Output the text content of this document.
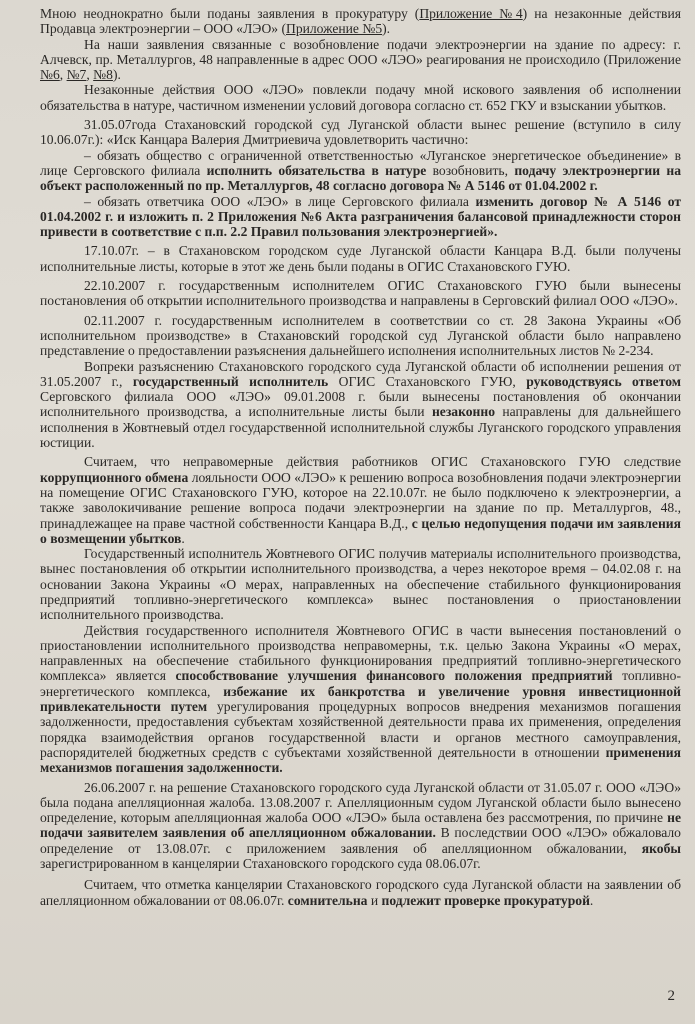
Мною неоднократно были поданы заявления в прокуратуру (Приложение №4) на незаконные действия Продавца электроэнергии – ООО «ЛЭО» (Приложение №5).

На наши заявления связанные с возобновление подачи электроэнергии на здание по адресу: г. Алчевск, пр. Металлургов, 48 направленные в адрес ООО «ЛЭО» реагирования не происходило (Приложение №6, №7, №8).

Незаконные действия ООО «ЛЭО» повлекли подачу мной искового заявления об исполнении обязательства в натуре, частичном изменении условий договора согласно ст. 652 ГКУ и взыскании убытков.

31.05.07года Стахановский городской суд Луганской области вынес решение (вступило в силу 10.06.07г.): «Иск Канцара Валерия Дмитриевича удовлетворить частично:

– обязать общество с ограниченной ответственностью «Луганское энергетическое объединение» в лице Серговского филиала исполнить обязательства в натуре возобновить, подачу электроэнергии на объект расположенный по пр. Металлургов, 48 согласно договора № А 5146 от 01.04.2002 г.

– обязать ответчика ООО «ЛЭО» в лице Серговского филиала изменить договор № А 5146 от 01.04.2002 г. и изложить п. 2 Приложения №6 Акта разграничения балансовой принадлежности сторон привести в соответствие с п.п. 2.2 Правил пользования электроэнергией».

17.10.07г. – в Стахановском городском суде Луганской области Канцара В.Д. были получены исполнительные листы, которые в этот же день были поданы в ОГИС Стахановского ГУЮ.

22.10.2007 г. государственным исполнителем ОГИС Стахановского ГУЮ были вынесены постановления об открытии исполнительного производства и направлены в Серговский филиал ООО «ЛЭО».

02.11.2007 г. государственным исполнителем в соответствии со ст. 28 Закона Украины «Об исполнительном производстве» в Стахановский городской суд Луганской области было направлено представление о предоставлении разъяснения дальнейшего исполнения исполнительных листов № 2-234.

Вопреки разъяснению Стахановского городского суда Луганской области об исполнении решения от 31.05.2007 г., государственный исполнитель ОГИС Стахановского ГУЮ, руководствуясь ответом Серговского филиала ООО «ЛЭО» 09.01.2008 г. были вынесены постановления об окончании исполнительного производства, а исполнительные листы были незаконно направлены для дальнейшего исполнения в Жовтневый отдел государственной исполнительной службы Луганского городского управления юстиции.

Считаем, что неправомерные действия работников ОГИС Стахановского ГУЮ следствие коррупционного обмена лояльности ООО «ЛЭО» к решению вопроса возобновления подачи электроэнергии на помещение ОГИС Стахановского ГУЮ, которое на 22.10.07г. не было подключено к электроэнергии, а также заволокичивание решение вопроса подачи электроэнергии на здание по пр. Металлургов, 48., принадлежащее на праве частной собственности Канцара В.Д., с целью недопущения подачи им заявления о возмещении убытков.

Государственный исполнитель Жовтневого ОГИС получив материалы исполнительного производства, вынес постановления об открытии исполнительного производства, а через некоторое время – 04.02.08 г. на основании Закона Украины «О мерах, направленных на обеспечение стабильного функционирования предприятий топливно-энергетического комплекса» вынес постановления о приостановлении исполнительного производства.

Действия государственного исполнителя Жовтневого ОГИС в части вынесения постановлений о приостановлении исполнительного производства неправомерны, т.к. целью Закона Украины «О мерах, направленных на обеспечение стабильного функционирования предприятий топливно-энергетического комплекса» является способствование улучшения финансового положения предприятий топливно-энергетического комплекса, избежание их банкротства и увеличение уровня инвестиционной привлекательности путем урегулирования процедурных вопросов внедрения механизмов погашения задолженности, предоставления субъектам хозяйственной деятельности права их применения, определения порядка взаимодействия органов государственной власти и органов местного самоуправления, распорядителей бюджетных средств с субъектами хозяйственной деятельности в отношении применения механизмов погашения задолженности.

26.06.2007 г. на решение Стахановского городского суда Луганской области от 31.05.07 г. ООО «ЛЭО» была подана апелляционная жалоба. 13.08.2007 г. Апелляционным судом Луганской области было вынесено определение, которым апелляционная жалоба ООО «ЛЭО» была оставлена без рассмотрения, по причине не подачи заявителем заявления об апелляционном обжаловании. В последствии ООО «ЛЭО» обжаловало определение от 13.08.07г. с приложением заявления об апелляционном обжаловании, якобы зарегистрированном в канцелярии Стахановского городского суда 08.06.07г.

Считаем, что отметка канцелярии Стахановского городского суда Луганской области на заявлении об апелляционном обжаловании от 08.06.07г. сомнительна и подлежит проверке прокуратурой.

2
